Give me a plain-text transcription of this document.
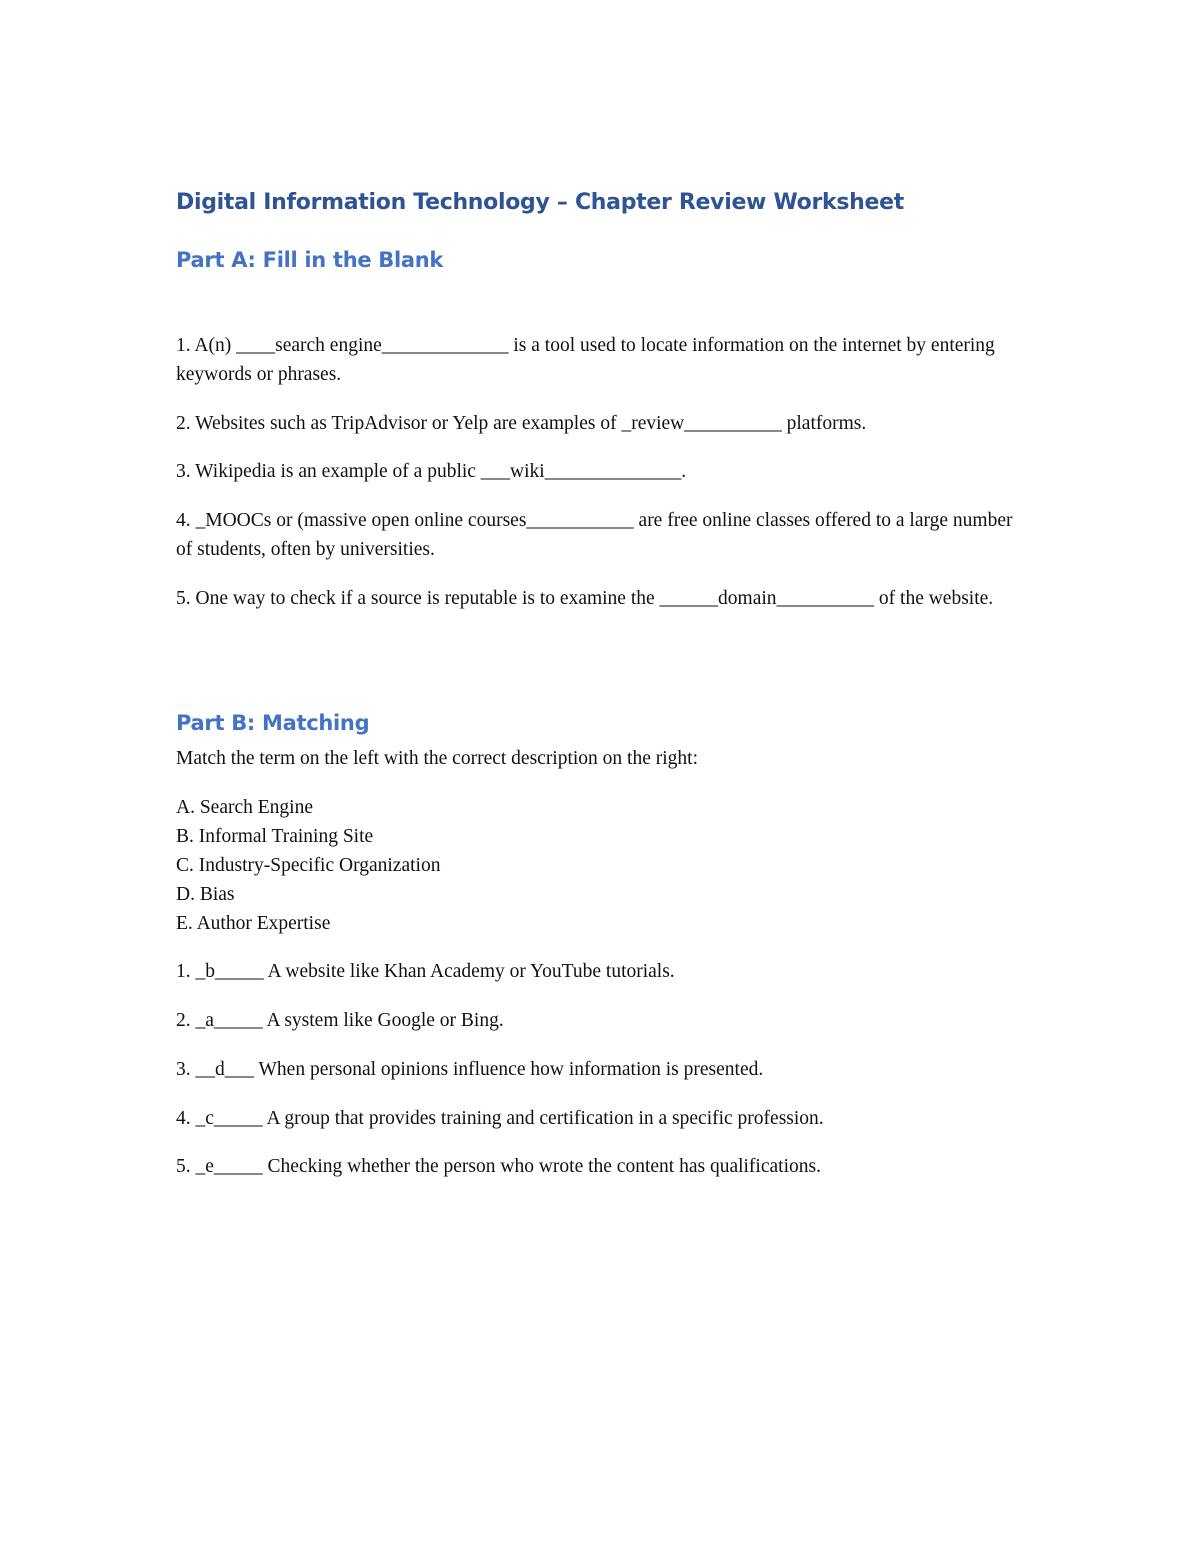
Digital Information Technology – Chapter Review Worksheet
Part A: Fill in the Blank

1. A(n) ____search engine_____________ is a tool used to locate information on the internet by entering keywords or phrases.

2. Websites such as TripAdvisor or Yelp are examples of _review__________ platforms.

3. Wikipedia is an example of a public ___wiki______________.

4. _MOOCs or (massive open online courses___________ are free online classes offered to a large number of students, often by universities.

5. One way to check if a source is reputable is to examine the ______domain__________ of the website.

Part B: Matching

Match the term on the left with the correct description on the right:

A. Search Engine

B. Informal Training Site

C. Industry-Specific Organization

D. Bias

E. Author Expertise

1. _b_____ A website like Khan Academy or YouTube tutorials.

2. _a_____ A system like Google or Bing.

3. __d___ When personal opinions influence how information is presented.

4. _c_____ A group that provides training and certification in a specific profession.

5. _e_____ Checking whether the person who wrote the content has qualifications.
